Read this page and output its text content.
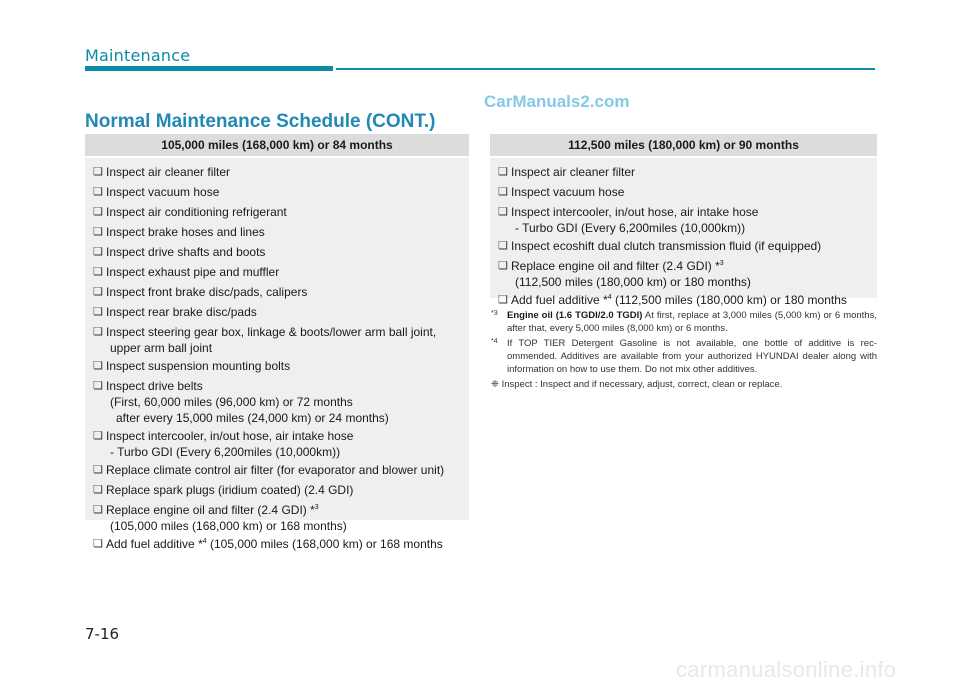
Maintenance
CarManuals2.com
Normal Maintenance Schedule (CONT.)
105,000 miles (168,000 km) or 84 months
❏ Inspect air cleaner filter
❏ Inspect vacuum hose
❏ Inspect air conditioning refrigerant
❏ Inspect brake hoses and lines
❏ Inspect drive shafts and boots
❏ Inspect exhaust pipe and muffler
❏ Inspect front brake disc/pads, calipers
❏ Inspect rear brake disc/pads
❏ Inspect steering gear box, linkage & boots/lower arm ball joint,
upper arm ball joint
❏ Inspect suspension mounting bolts
❏ Inspect drive belts
(First, 60,000 miles (96,000 km) or 72 months
after every 15,000 miles (24,000 km) or 24 months)
❏ Inspect intercooler, in/out hose, air intake hose
- Turbo GDI (Every 6,200miles (10,000km))
❏ Replace climate control air filter (for evaporator and blower unit)
❏ Replace spark plugs (iridium coated) (2.4 GDI)
❏ Replace engine oil and filter (2.4 GDI) *$^3$
(105,000 miles (168,000 km) or 168 months)
❏ Add fuel additive *$^4$ (105,000 miles (168,000 km) or 168 months
112,500 miles (180,000 km) or 90 months
❏ Inspect air cleaner filter
❏ Inspect vacuum hose
❏ Inspect intercooler, in/out hose, air intake hose
- Turbo GDI (Every 6,200miles (10,000km))
❏ Inspect ecoshift dual clutch transmission fluid (if equipped)
❏ Replace engine oil and filter (2.4 GDI) *$^3$
(112,500 miles (180,000 km) or 180 months)
❏ Add fuel additive *$^4$ (112,500 miles (180,000 km) or 180 months
*3 Engine oil (1.6 TGDI/2.0 TGDI) At first, replace at 3,000 miles (5,000 km) or 6 months, after that, every 5,000 miles (8,000 km) or 6 months.
*4 If TOP TIER Detergent Gasoline is not available, one bottle of additive is rec-ommended. Additives are available from your authorized HYUNDAI dealer along with information on how to use them. Do not mix other additives.
❈ Inspect : Inspect and if necessary, adjust, correct, clean or replace.
7-16
carmanualsonline.info
